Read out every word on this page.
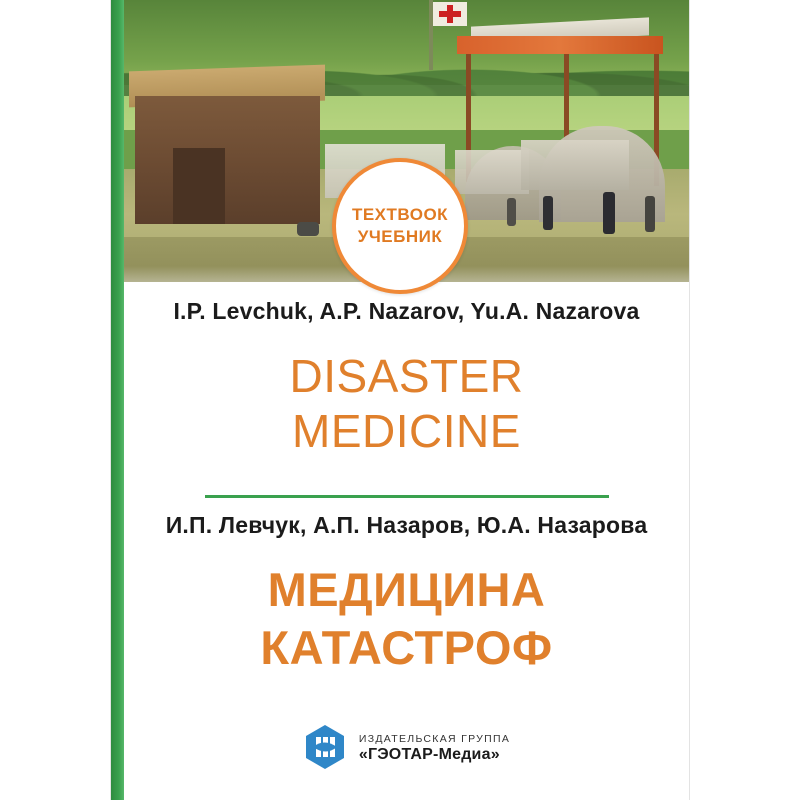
ТЕХТВООК
УЧЕБНИК
I.P. Levchuk, A.P. Nazarov, Yu.A. Nazarova
DISASTER
MEDICINE
И.П. Левчук, А.П. Назаров, Ю.А. Назарова
МЕДИЦИНА
КАТАСТРОФ
ИЗДАТЕЛЬСКАЯ ГРУППА
«ГЭОТАР-Медиа»
